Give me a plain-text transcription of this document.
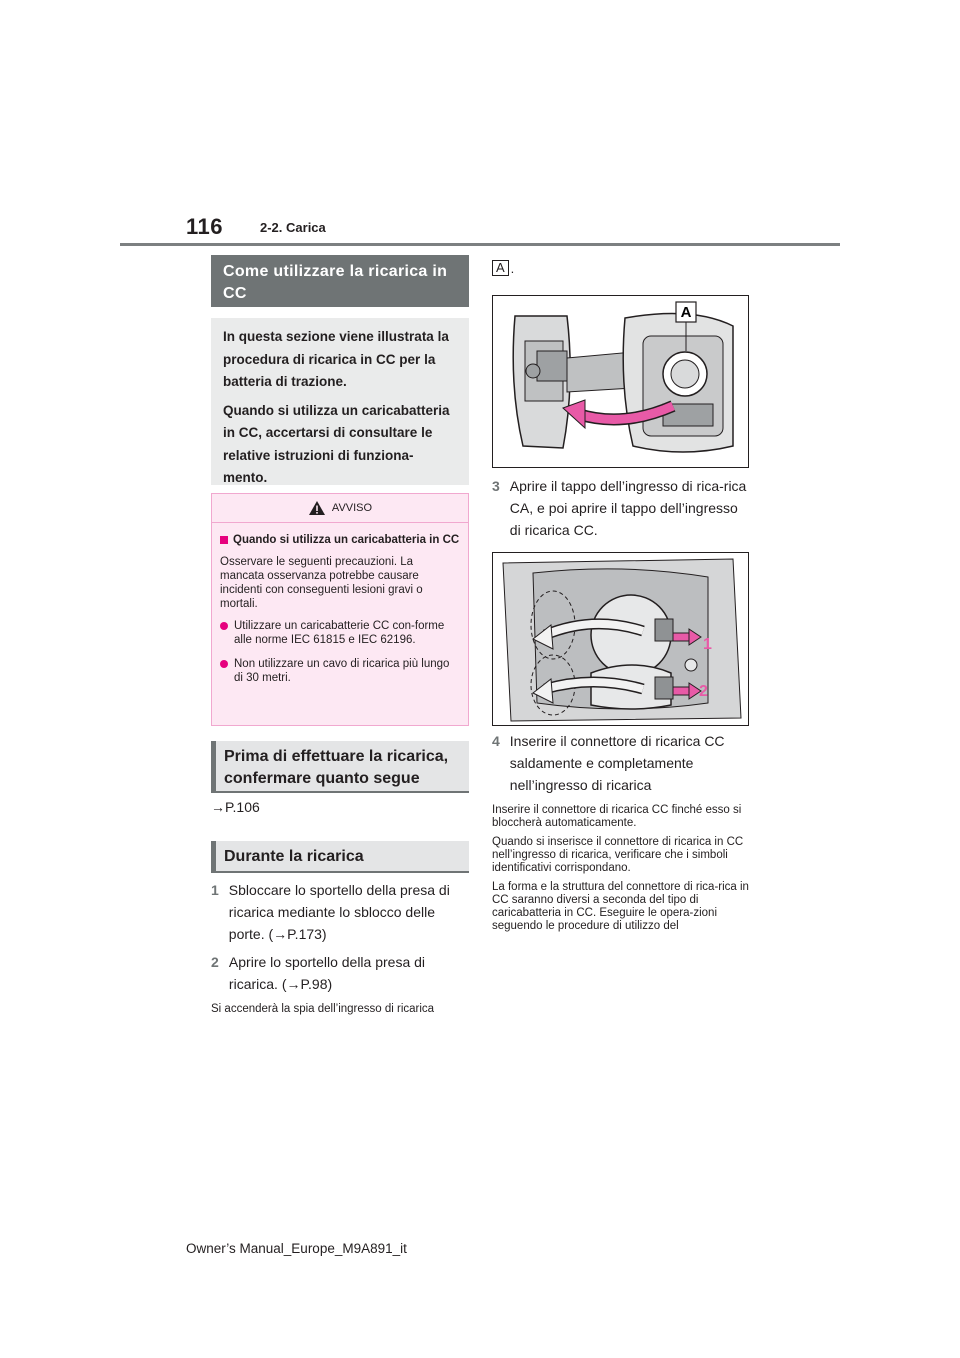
116	2-2. Carica
Come utilizzare la ricarica in CC

In questa sezione viene illustrata la procedura di ricarica in CC per la batteria di trazione.

Quando si utilizza un caricabatteria in CC, accertarsi di consultare le relative istruzioni di funziona-mento.

AVVISO
Quando si utilizza un caricabatteria in CC
Osservare le seguenti precauzioni. La mancata osservanza potrebbe causare incidenti con conseguenti lesioni gravi o mortali.
Utilizzare un caricabatterie CC con-forme alle norme IEC 61815 e IEC 62196.
Non utilizzare un cavo di ricarica più lungo di 30 metri.
Prima di effettuare la ricarica, confermare quanto segue
→P.106
Durante la ricarica
1 Sbloccare lo sportello della presa di ricarica mediante lo sblocco delle porte. (→P.173)
2 Aprire lo sportello della presa di ricarica. (→P.98)
Si accenderà la spia dell’ingresso di ricarica
A .
A
3 Aprire il tappo dell’ingresso di rica-rica CA, e poi aprire il tappo dell’ingresso di ricarica CC.
1
2
4 Inserire il connettore di ricarica CC saldamente e completamente nell’ingresso di ricarica
Inserire il connettore di ricarica CC finché esso si bloccherà automaticamente.
Quando si inserisce il connettore di ricarica in CC nell’ingresso di ricarica, verificare che i simboli identificativi corrispondano.
La forma e la struttura del connettore di rica-rica in CC saranno diversi a seconda del tipo di caricabatteria in CC. Eseguire le opera-zioni seguendo le procedure di utilizzo del
Owner’s Manual_Europe_M9A891_it
